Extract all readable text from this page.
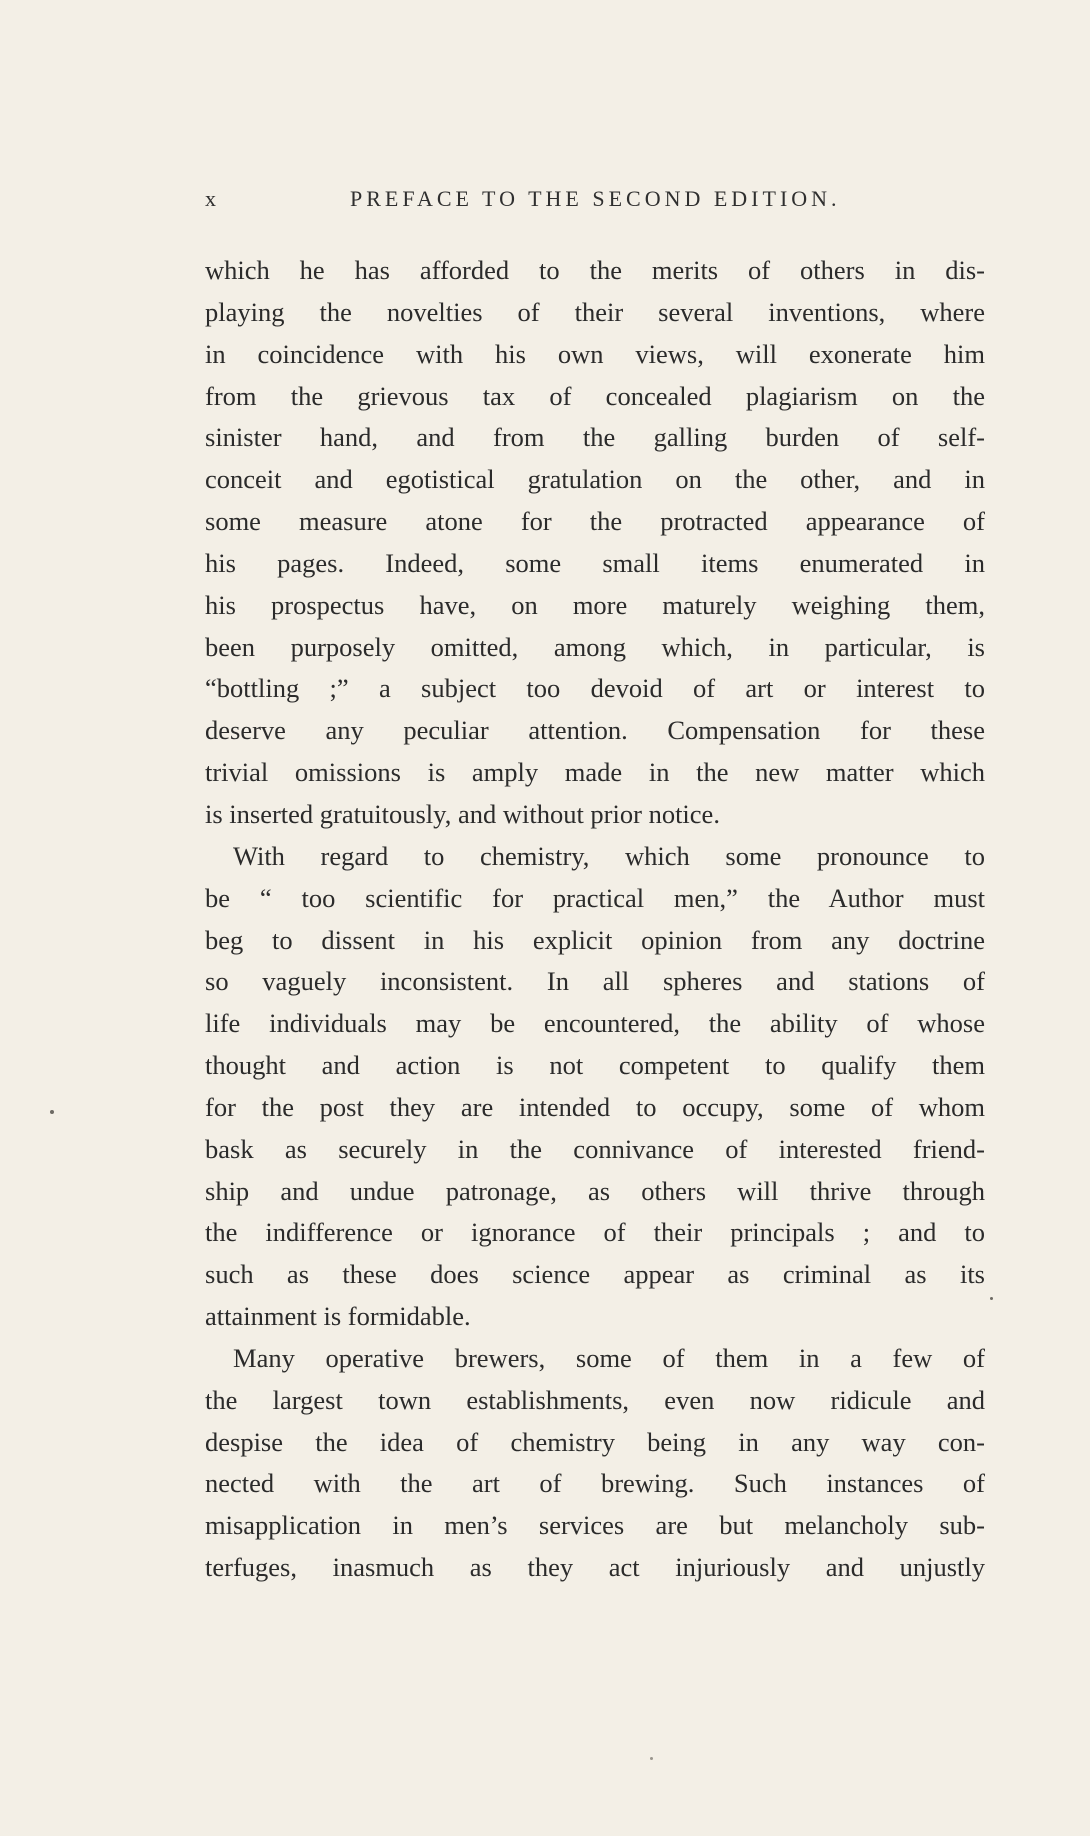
x	PREFACE TO THE SECOND EDITION.
which he has afforded to the merits of others in dis-
playing the novelties of their several inventions, where
in coincidence with his own views, will exonerate him
from the grievous tax of concealed plagiarism on the
sinister hand, and from the galling burden of self-
conceit and egotistical gratulation on the other, and in
some measure atone for the protracted appearance of
his pages. Indeed, some small items enumerated in
his prospectus have, on more maturely weighing them,
been purposely omitted, among which, in particular, is
“bottling ;” a subject too devoid of art or interest to
deserve any peculiar attention. Compensation for these
trivial omissions is amply made in the new matter which
is inserted gratuitously, and without prior notice.
With regard to chemistry, which some pronounce to
be “ too scientific for practical men,” the Author must
beg to dissent in his explicit opinion from any doctrine
so vaguely inconsistent. In all spheres and stations of
life individuals may be encountered, the ability of whose
thought and action is not competent to qualify them
for the post they are intended to occupy, some of whom
bask as securely in the connivance of interested friend-
ship and undue patronage, as others will thrive through
the indifference or ignorance of their principals ; and to
such as these does science appear as criminal as its
attainment is formidable.
Many operative brewers, some of them in a few of
the largest town establishments, even now ridicule and
despise the idea of chemistry being in any way con-
nected with the art of brewing. Such instances of
misapplication in men’s services are but melancholy sub-
terfuges, inasmuch as they act injuriously and unjustly
